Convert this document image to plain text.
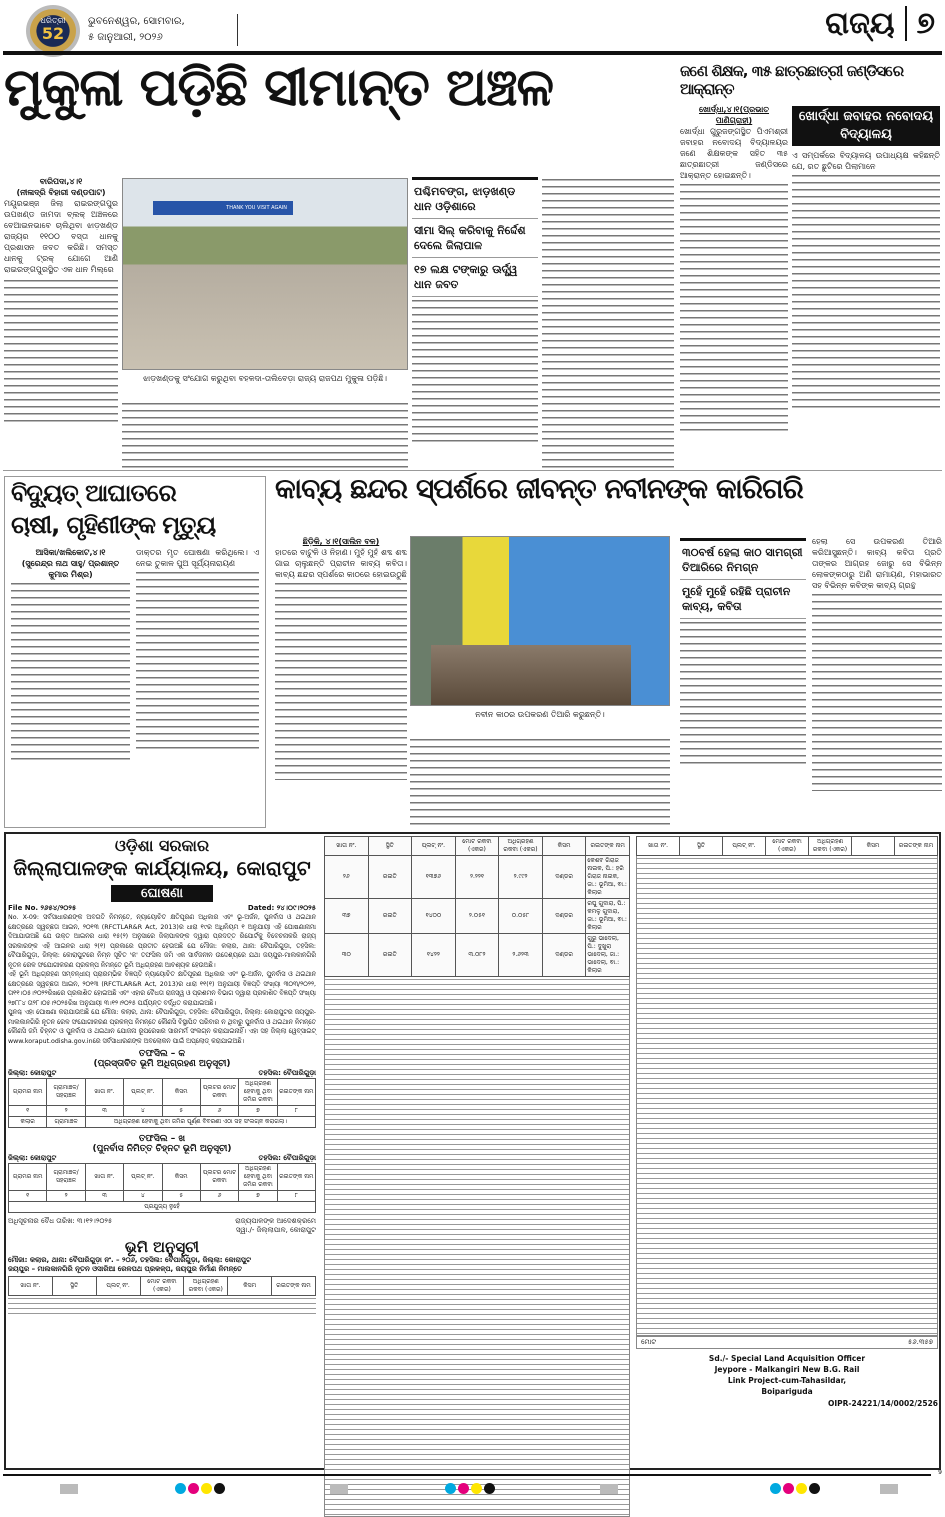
ଧରିତ୍ରୀ
52
ଭୁବନେଶ୍ୱର, ସୋମବାର,
୫ ଜାନୁଆରୀ, ୨୦୨୬	ରାଜ୍ୟ ୭
ମୁକୁଳା ପଡ଼ିଛି ସୀମାନ୍ତ ଅଞ୍ଚଳ
ବାରିପଦା,୪।୧
(ନୀଳାଦ୍ରି ବିହାରୀ ଦଣ୍ଡପାଟ)
ମୟୂରଭଞ୍ଜ ଜିଲା ରାଇରଙ୍ଗପୁର ଉପଖଣ୍ଡ ଜାମଦା ବ୍ଲକ୍ ଅଞ୍ଚଳରେ ବେଆଇନଭାବେ ଚାଲିଥିବା ଝାଡ଼ଖଣ୍ଡ ରାଜ୍ୟର ୧୧୦୦ ବସ୍ତା ଧାନକୁ ପ୍ରଶାସନ ଜବତ କରିଛି। ସମସ୍ତ ଧାନକୁ ଟ୍ରକ୍ ଯୋଗେ ଆଣି ରାଇରଙ୍ଗପୁରସ୍ଥିତ ଏକ ଧାନ ମିଲ୍‌ରେ
THANK YOU VISIT AGAIN
ଝାଡ଼ଖଣ୍ଡକୁ ସଂଯୋଗ କରୁଥିବା ବହଳଦା-ତାଲିବେଡ଼ା ରାଜ୍ୟ ରାଜପଥ ମୁକୁଳା ପଡ଼ିଛି।
ପଶ୍ଚିମବଙ୍ଗ, ଝାଡ଼ଖଣ୍ଡ ଧାନ ଓଡ଼ିଶାରେ
ସୀମା ସିଲ୍ କରିବାକୁ ନିର୍ଦ୍ଦେଶ ଦେଲେ ଜିଲାପାଳ
୧୭ ଲକ୍ଷ ଟଙ୍କାରୁ ଊର୍ଦ୍ଧ୍ୱ ଧାନ ଜବତ
ଜଣେ ଶିକ୍ଷକ, ୩୫ ଛାତ୍ରଛାତ୍ରୀ ଜଣ୍ଡିସରେ ଆକ୍ରାନ୍ତ
ଖୋର୍ଦ୍ଧା,୪।୧(ପ୍ରଭାତ ପାଣିଗ୍ରାହୀ)
ଖୋର୍ଦ୍ଧା ଗୁରୁଜଙ୍ଗସ୍ଥିତ ପିଏମଶ୍ରୀ ଜବାହର ନବୋଦୟ ବିଦ୍ୟାଳୟର ଜଣେ ଶିକ୍ଷକଙ୍କ ସହିତ ୩୫ ଛାତ୍ରଛାତ୍ରୀ ଜଣ୍ଡିସରେ ଆକ୍ରାନ୍ତ ହୋଇଛନ୍ତି।
ଖୋର୍ଦ୍ଧା ଜବାହର ନବୋଦୟ ବିଦ୍ୟାଳୟ
ଏ ସମ୍ପର୍କରେ ବିଦ୍ୟାଳୟ ଉପାଧ୍ୟକ୍ଷ କହିଛନ୍ତି ଯେ, ରତ ଛୁଟିରେ ପିଲାମାନେ
ବିଦ୍ୟୁତ୍ ଆଘାତରେ
ଚାଷୀ, ଗୃହିଣୀଙ୍କ ମୃତ୍ୟୁ
ଆସିକା/ଖଲିକୋଟ,୪।୧
(ସୁରେନ୍ଦ୍ର ନାଥ ସାହୁ/ ପ୍ରଶାନ୍ତ କୁମାର ମିଶ୍ର)
ଡାକ୍ତର ମୃତ ଘୋଷଣା କରିଥିଲେ। ଏ ନେଇ ତୁକାଳ ପୁଅ ସୂର୍ଯ୍ୟନାରାୟଣ
କାବ୍ୟ ଛନ୍ଦର ସ୍ପର୍ଶରେ ଜୀବନ୍ତ ନବୀନଙ୍କ କାରିଗରି
ଛିଡ଼ିକି, ୪।୧(ସାଲିନ ବଳ)
ହାତରେ ବାଟୁଳି ଓ ନିହାଣ। ମୁହଁ ମୁହଁ ଶବ୍ଦ ଶବ୍ଦ ଗାଇ ଚାଲୁଛନ୍ତି ପ୍ରାଚୀନ କାବ୍ୟ କବିତା। କାବ୍ୟ ଛନ୍ଦର ସ୍ପର୍ଶରେ କାଠରେ ହୋଇଉଠୁଛି
ନବୀନ କାଠର ଉପକରଣ ତିଆରି କରୁଛନ୍ତି।
୩୦ବର୍ଷ ହେଲା କାଠ ସାମଗ୍ରୀ ତିଆରିରେ ନିମଗ୍ନ
ମୁହେଁ ମୁହେଁ ରହିଛି ପ୍ରାଚୀନ କାବ୍ୟ, କବିତା
ହେଲା ସେ ଉପକରଣ ତିଆରି କରିଆସୁଛନ୍ତି। କାବ୍ୟ କବିତା ପ୍ରତି ତାଙ୍କର ଆଗ୍ରହ ଜୋରୁ ସେ ବିଭିନ୍ନ ଲୋକଙ୍କଠାରୁ ଅଣି ରାମାୟଣ, ମହାଭାରତ ସହ ବିଭିନ୍ନ କବିଙ୍କ କାବ୍ୟ ଗ୍ରନ୍ଥ
ଓଡ଼ିଶା ସରକାର
ଜିଲ୍ଲାପାଳଙ୍କ କାର୍ଯ୍ୟାଳୟ, କୋରାପୁଟ
ଘୋଷଣା
File No. ୨୬୫୪/୨୦୨୫	Dated: ୨୪।୦୯।୨୦୨୫
No. X-09: ସର୍ବସାଧାରଣଙ୍କ ଅବଗତି ନିମନ୍ତେ, ନ୍ୟାୟୋଚିତ କ୍ଷତିପୂରଣ ଅଧିକାର ଏବଂ ଭୂ-ଅର୍ଜନ, ପୁନର୍ବାସ ଓ ଥଇଥାନ କ୍ଷେତ୍ରରେ ସ୍ୱଚ୍ଛତା ଆଇନ, ୨୦୧୩ (RFCTLAR&R Act, 2013)ର ଧାରା ୧୯ର ଅଧିନିୟମ ୧ ଅନୁଯାୟୀ ଏହି ଘୋଷଣାନାମା ଦିଆଯାଉଅଛି ଯେ ଉକ୍ତ ଆଇନର ଧାରା ୧୫(୨) ଅନୁସାରେ ଜିଲାପାଳଙ୍କ ଦ୍ୱାରା ପ୍ରଦତ୍ତ ରିପୋର୍ଟକୁ ବିବେଚନାକରି ରାଜ୍ୟ ସରକାରଙ୍କ ଏହି ଆଇନର ଧାରା ୨(୧) ପ୍ରକାରେ ପ୍ରତୀତ ହେଉଅଛି ଯେ ମୌଜା: କଲାର, ଥାନା: ବୈପାରିଗୁଡ଼ା, ତହସିଲ: ବୈପାରିଗୁଡ଼ା, ଜିଲ୍ଲା: କୋରାପୁଟରେ ନିମ୍ନ ସୂଚିତ 'କ' ତଫସିଲ ଜମି ଏକ ସାର୍ବଜନୀନ ଉଦ୍ଦେଶ୍ୟରେ ଯଥା ଜୟପୁର-ମାଲକାନଗିରି ନୂତନ ରେଳ ସଂଯୋଗୀକରଣ ପ୍ରକଳ୍ପ ନିମନ୍ତେ ଭୂମି ଅଧିଗ୍ରହଣ ଆବଶ୍ୟକ ହେଉଅଛି।
ଏହି ଭୂମି ଅଧିଗ୍ରହଣ ସମ୍ବନ୍ଧୀୟ ପ୍ରାରମ୍ଭିକ ବିଜ୍ଞପ୍ତି ନ୍ୟାୟୋଚିତ କ୍ଷତିପୂରଣ ଅଧିକାର ଏବଂ ଭୂ-ଅର୍ଜନ, ପୁନର୍ବାସ ଓ ଥଇଥାନ କ୍ଷେତ୍ରରେ ସ୍ୱଚ୍ଛତା ଆଇନ, ୨୦୧୩ (RFCTLAR&R Act, 2013)ର ଧାରା ୧୧(୧) ଅନୁଯାୟୀ ବିଜ୍ଞପ୍ତି ସଂଖ୍ୟା ୩୦୩/୨୦୨୨, ତା୧୧।୦୫।୨୦୨୨ରିଖରେ ପ୍ରକାଶିତ ହୋଇଅଛି ଏବଂ ଏହାର ବୈଧତା ରାଜସ୍ୱ ଓ ପ୍ରଶମନ ବିଭାଗ ଦ୍ୱାରା ପ୍ରକାଶିତ ବିଜ୍ଞପ୍ତି ସଂଖ୍ୟା ୨୭୮୮୪ ତା୨୮।୦୫।୨୦୨୫ରିଖ ଅନୁଯାୟୀ ୩।୧୨।୨୦୨୫ ପର୍ଯ୍ୟନ୍ତ ବର୍ଦ୍ଧିତ କରାଯାଇଅଛି।
ପୁନଶ୍ଚ ଏହା ଘୋଷଣା କରାଯାଉଅଛି ଯେ ମୌଜା: କଲାର, ଥାନା: ବୈପାରିଗୁଡ଼ା, ତହସିଲ: ବୈପାରିଗୁଡ଼ା, ଜିଲ୍ଲା: କୋରାପୁଟର ଜୟପୁର-ମାଲକାନଗିରି ନୂତନ ରେଳ ସଂଯୋଗୀକରଣ ପ୍ରକଳ୍ପ ନିମନ୍ତେ କୌଣସି ବିସ୍ଥାପିତ ପରିବାର ନ ଥିବାରୁ ପୁନର୍ବାସ ଓ ଥଇଥାନ ନିମନ୍ତେ କୌଣସି ଜମି ଚିହ୍ନଟ ଓ ପୁନର୍ବାସ ଓ ଥଇଥାନ ଯୋଜନା ରୂପରେଖର ସାରମର୍ମ ସଂଲଗ୍ନ କରାଯାଇନାହିଁ। ଏହା ସହ ଜିଲ୍ଲା ୱେବ୍‌ସାଇଟ୍ www.koraput.odisha.gov.inରେ ସର୍ବସାଧାରଣଙ୍କ ଅବଲୋକନ ପାଇଁ ଅପ୍‌ଲୋଡ୍ କରାଯାଇଅଛି।
ତଫସିଲ – କ
(ପ୍ରସ୍ତାବିତ ଭୂମି ଅଧିଗ୍ରହଣ ଅନୁସୂଚୀ)
ଜିଲ୍ଲା: କୋରାପୁଟ	ତହସିଲ: ବୈପାରିଗୁଡ଼ା
ଗ୍ରାମର ନାମ	ଗ୍ରାମାଞ୍ଚଳ/ ସହରାଞ୍ଚଳ	ଖାତା ନଂ.	ପ୍ଲଟ୍ ନଂ.	କିସମ	ପ୍ଲଟର ମୋଟ ରକବା	ଅଧିଗ୍ରହଣ ହେବାକୁ ଥିବା ଜମିର ରକବା	ରଇତଙ୍କ ନାମ
୧	୨	୩	୪	୫	୬	୭	୮
କଲାର	ଗ୍ରାମାଞ୍ଚଳ	ଅଧିଗ୍ରହଣ ହେବାକୁ ଥିବା ଜମିର ପୂର୍ଣ୍ଣ ବିବରଣୀ ଏଠା ସହ ସଂଲଗ୍ନ କରାଗଲା।					
ତଫସିଲ – ଖ
(ପୁନର୍ବାସ ନିମିତ୍ତ ଚିହ୍ନଟ ଭୂମି ଅନୁସୂଚୀ)
ଜିଲ୍ଲା: କୋରାପୁଟ	ତହସିଲ: ବୈପାରିଗୁଡ଼ା
ଗ୍ରାମର ନାମ	ଗ୍ରାମାଞ୍ଚଳ/ ସହରାଞ୍ଚଳ	ଖାତା ନଂ.	ପ୍ଲଟ୍ ନଂ.	କିସମ	ପ୍ଲଟର ମୋଟ ରକବା	ଅଧିଗ୍ରହଣ ହେବାକୁ ଥିବା ଜମିର ରକବା	ରଇତଙ୍କ ନାମ
୧	୨	୩	୪	୫	୬	୭	୮
ପ୍ରଯୁଜ୍ୟ ନୁହେଁ							
ଅଧିସୂଚନାର ବୈଧ ତାରିଖ: ୩।୧୨।୨୦୨୫	ରାଜ୍ୟପାଳଙ୍କ ଆଦେଶକ୍ରମେ
ସ୍ୱା./- ଜିଲ୍ଲାପାଳ, କୋରାପୁଟ
ଭୂମି ଅନୁସୂଚୀ
ମୌଜା: କଲାର, ଥାନା: ବୈପାରିଗୁଡ଼ା ନଂ. – ୨୦୬, ତହସିଲ: ବୈପାରିଗୁଡ଼ା, ଜିଲ୍ଲା: କୋରାପୁଟ
ଜୟପୁର – ମାଲକାନଗିରି ନୂତନ ଓସାରିଆ ରେଳପଥ ପ୍ରକଳ୍ପ, ଜୟପୁର ନିର୍ମାଣ ନିମନ୍ତେ
ଖାତା ନଂ.	ସ୍ଥିତି	ପ୍ଲଟ୍ ନଂ.	ମୋଟ ରକବା (ଏକର)	ଅଧିଗ୍ରହଣ ରକବା (ଏକର)	କିସମ	ରଇତଙ୍କ ନାମ
ଖାତା ନଂ.	ସ୍ଥିତି	ପ୍ଲଟ୍ ନଂ.	ମୋଟ ରକବା (ଏକର)	ଅଧିଗ୍ରହଣ ରକବା (ଏକର)	କିସମ	ରଇତଙ୍କ ନାମ
୨୬	ରଇତି	୧୩୭୬	୨.୨୨୧	୨.୯୯୨	ଦଣ୍ଡର	କେଶବ ଗିରାଜ ନାଇକ, ପି.: ହରି ଗିରାଜ ନାଇକ, ଜା.: ଭୂମିଆ, ଵା.: କିଲାର
୩୭	ରଇତି	୧୪୦୦	୨.୦୫୧	୦.୦୫୮	ଦଣ୍ଡର	ରଘୁ ଗୁଦାରା, ପି.: କମଳୁ ଗୁଦାରା, ଜା.: ଭୂମିଆ, ଵା.: କିଲାର
୩୦	ରଇତି	୧୪୨୨	୩.୦୮୨	୨.୬୨୩	ଦଣ୍ଡର	ଗୁରୁ ଭାଦେଲା, ପି.: ଦୁଖୁରା ଭାଦେଲା, ଜା.: ଭାଦେଲା, ଵା.: କିଲାର
ଖାତା ନଂ.	ସ୍ଥିତି	ପ୍ଲଟ୍ ନଂ.	ମୋଟ ରକବା (ଏକର)	ଅଧିଗ୍ରହଣ ରକବା (ଏକର)	କିସମ	ରଇତଙ୍କ ନାମ
ମୋଟ	୫୬.୩୫୭
Sd./- Special Land Acquisition Officer
Jeypore - Malkangiri New B.G. Rail
Link Project-cum-Tahasildar,
Boipariguda
OIPR-24221/14/0002/2526
9
